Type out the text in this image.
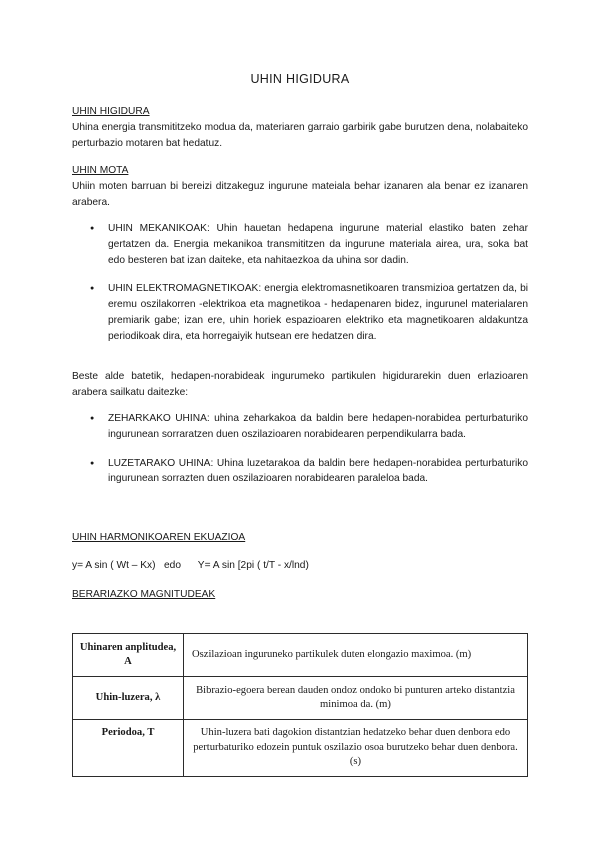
UHIN HIGIDURA
UHIN HIGIDURA
Uhina energia transmititzeko modua da, materiaren garraio garbirik gabe burutzen dena, nolabaiteko perturbazio motaren bat hedatuz.
UHIN MOTA
Uhiin moten barruan bi bereizi ditzakeguz ingurune mateiala behar izanaren ala benar ez izanaren arabera.
● UHIN MEKANIKOAK: Uhin hauetan hedapena ingurune material elastiko baten zehar gertatzen da. Energia mekanikoa transmititzen da ingurune materiala airea, ura, soka bat edo besteren bat izan daiteke, eta nahitaezkoa da uhina sor dadin.
● UHIN ELEKTROMAGNETIKOAK: energia elektromasnetikoaren transmizioa gertatzen da, bi eremu oszilakorren -elektrikoa eta magnetikoa - hedapenaren bidez, ingurunel materialaren premiarik gabe; izan ere, uhin horiek espazioaren elektriko eta magnetikoaren aldakuntza periodikoak dira, eta horregaiyik hutsean ere hedatzen dira.
Beste alde batetik, hedapen-norabideak ingurumeko partikulen higidurarekin duen erlazioaren arabera sailkatu daitezke:
● ZEHARKAKO UHINA: uhina zeharkakoa da baldin bere hedapen-norabidea perturbaturiko ingurunean sorraratzen duen oszilazioaren norabidearen perpendikularra bada.
● LUZETARAKO UHINA: Uhina luzetarakoa da baldin bere hedapen-norabidea perturbaturiko ingurunean sorrazten duen oszilazioaren norabidearen paraleloa bada.
UHIN HARMONIKOAREN EKUAZIOA
y= A sin ( Wt – Kx)   edo      Y= A sin [2pi ( t/T - x/lnd)
BERARIAZKO MAGNITUDEAK
Uhinaren anplitudea, A	Oszilazioan inguruneko partikulek duten elongazio maximoa. (m)
Uhin-luzera, λ	Bibrazio-egoera berean dauden ondoz ondoko bi punturen arteko distantzia minimoa da. (m)
Periodoa, T	Uhin-luzera bati dagokion distantzian hedatzeko behar duen denbora edo perturbaturiko edozein puntuk oszilazio osoa burutzeko behar duen denbora. (s)
